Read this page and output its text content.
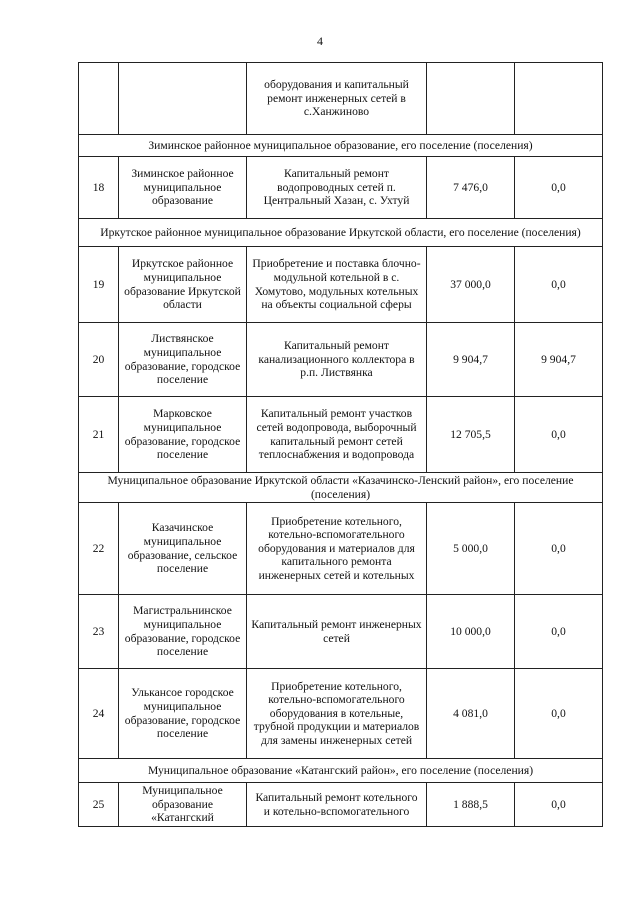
4

		оборудования и капитальный ремонт инженерных сетей в с.Ханжиново		

Зиминское районное муниципальное образование, его поселение (поселения)				
18	Зиминское районное муниципальное образование	Капитальный ремонт водопроводных сетей п. Центральный Хазан, с. Ухтуй	7 476,0	0,0
Иркутское районное муниципальное образование Иркутской области, его поселение (поселения)				
19	Иркутское районное муниципальное образование Иркутской области	Приобретение и поставка блочно-модульной котельной в с. Хомутово, модульных котельных на объекты социальной сферы	37 000,0	0,0
20	Листвянское муниципальное образование, городское поселение	Капитальный ремонт канализационного коллектора в р.п. Листвянка	9 904,7	9 904,7
21	Марковское муниципальное образование, городское поселение	Капитальный ремонт участков сетей водопровода, выборочный капитальный ремонт сетей теплоснабжения и водопровода	12 705,5	0,0
Муниципальное образование Иркутской области «Казачинско-Ленский район», его поселение (поселения)				
22	Казачинское муниципальное образование, сельское поселение	Приобретение котельного, котельно-вспомогательного оборудования и материалов для капитального ремонта инженерных сетей и котельных	5 000,0	0,0
23	Магистральнинское муниципальное образование, городское поселение	Капитальный ремонт инженерных сетей	10 000,0	0,0
24	Улькансое городское муниципальное образование, городское поселение	Приобретение котельного, котельно-вспомогательного оборудования в котельные, трубной продукции и материалов для замены инженерных сетей	4 081,0	0,0
Муниципальное образование «Катангский район», его поселение (поселения)				
25	Муниципальное образование «Катангский	Капитальный ремонт котельного и котельно-вспомогательного	1 888,5	0,0
